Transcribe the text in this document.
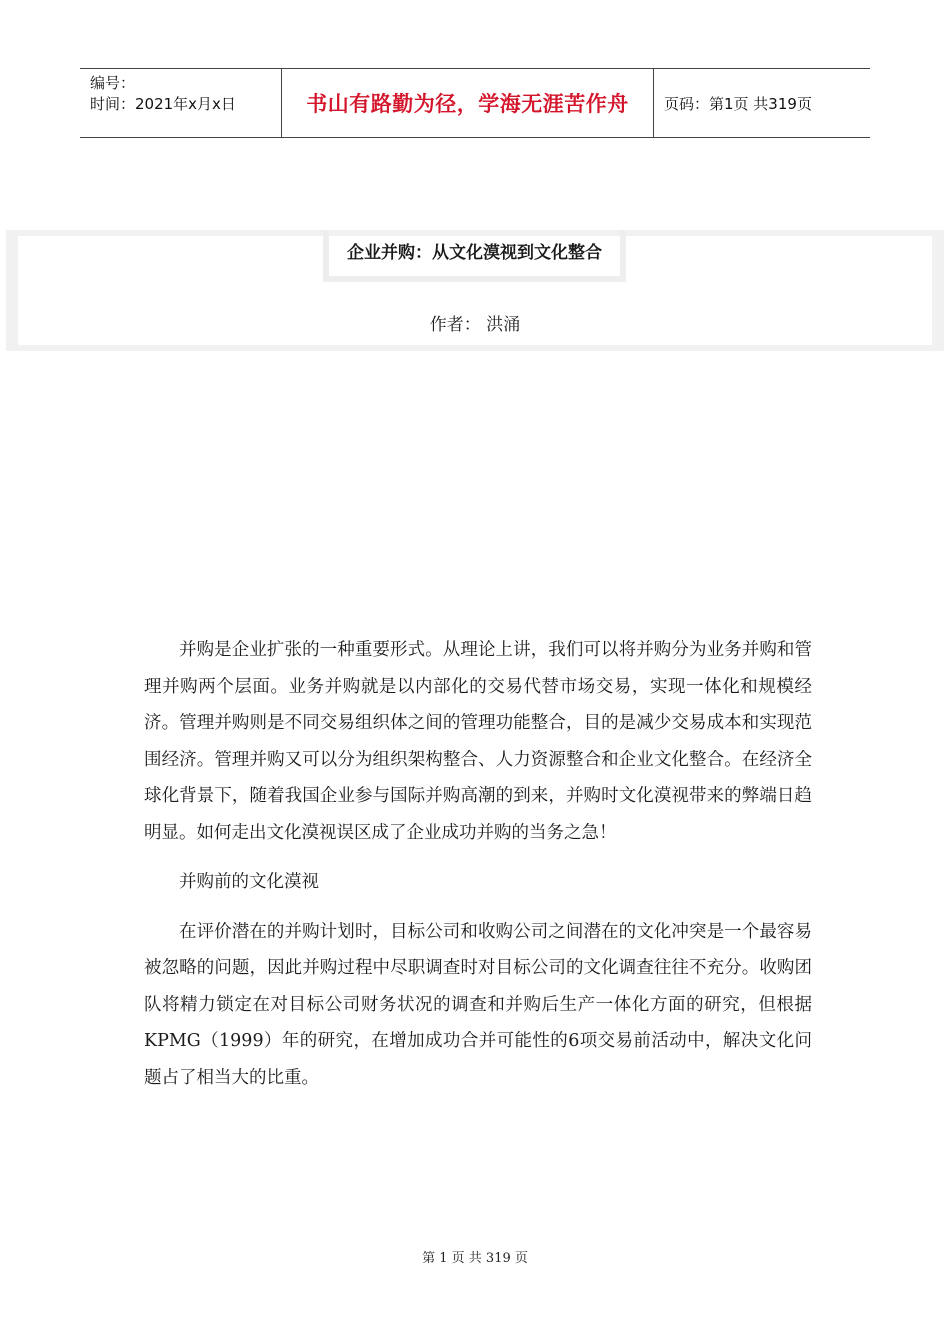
编号：
时间：2021年x月x日	书山有路勤为径，学海无涯苦作舟	页码：第1页 共319页
企业并购：从文化漠视到文化整合
作者： 洪涌

并购是企业扩张的一种重要形式。从理论上讲，我们可以将并购分为业务并购和管理并购两个层面。业务并购就是以内部化的交易代替市场交易，实现一体化和规模经济。管理并购则是不同交易组织体之间的管理功能整合，目的是减少交易成本和实现范围经济。管理并购又可以分为组织架构整合、人力资源整合和企业文化整合。在经济全球化背景下，随着我国企业参与国际并购高潮的到来，并购时文化漠视带来的弊端日趋明显。如何走出文化漠视误区成了企业成功并购的当务之急！

并购前的文化漠视

在评价潜在的并购计划时，目标公司和收购公司之间潜在的文化冲突是一个最容易被忽略的问题，因此并购过程中尽职调查时对目标公司的文化调查往往不充分。收购团队将精力锁定在对目标公司财务状况的调查和并购后生产一体化方面的研究，但根据KPMG（1999）年的研究，在增加成功合并可能性的6项交易前活动中，解决文化问题占了相当大的比重。

第 1 页 共 319 页
